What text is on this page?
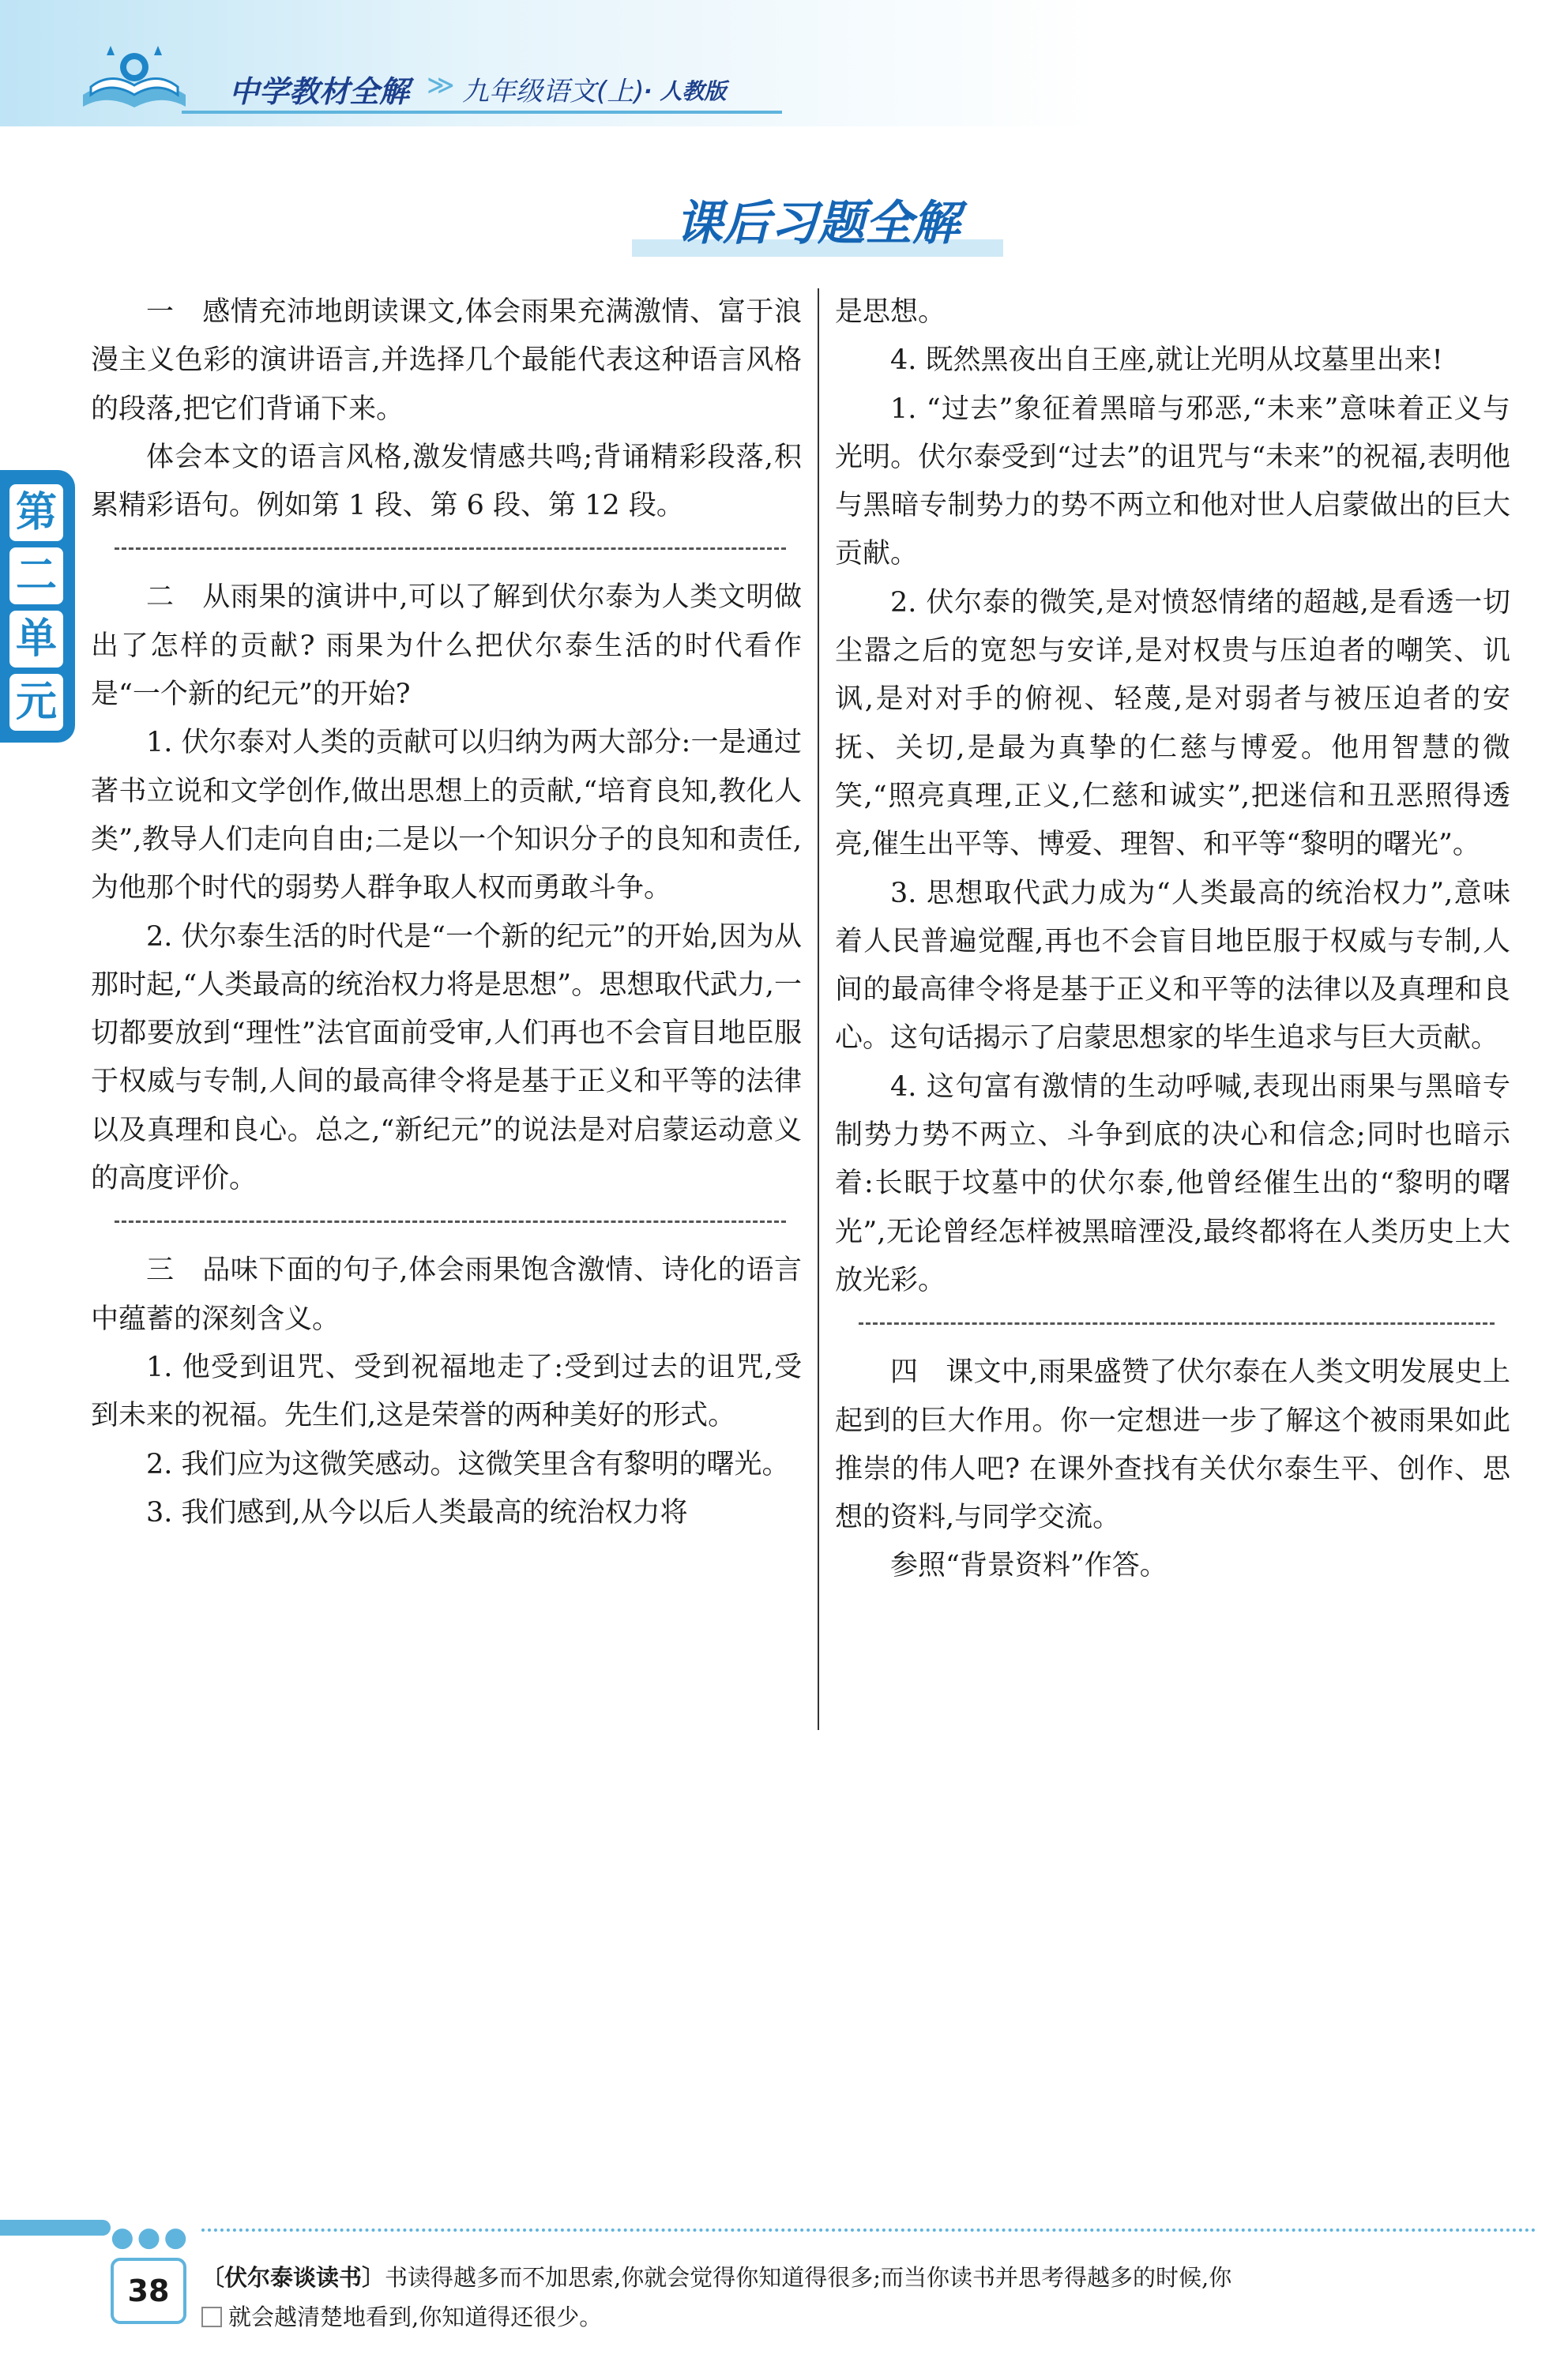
中学教材全解 ≫ 九年级语文(上) · 人教版
第
二
单
元
课后习题全解

一　感情充沛地朗读课文,体会雨果充满激情、富于浪漫主义色彩的演讲语言,并选择几个最能代表这种语言风格的段落,把它们背诵下来。

体会本文的语言风格,激发情感共鸣;背诵精彩段落,积累精彩语句。例如第 1 段、第 6 段、第 12 段。

二　从雨果的演讲中,可以了解到伏尔泰为人类文明做出了怎样的贡献? 雨果为什么把伏尔泰生活的时代看作是“一个新的纪元”的开始?

1. 伏尔泰对人类的贡献可以归纳为两大部分:一是通过著书立说和文学创作,做出思想上的贡献,“培育良知,教化人类”,教导人们走向自由;二是以一个知识分子的良知和责任,为他那个时代的弱势人群争取人权而勇敢斗争。

2. 伏尔泰生活的时代是“一个新的纪元”的开始,因为从那时起,“人类最高的统治权力将是思想”。思想取代武力,一切都要放到“理性”法官面前受审,人们再也不会盲目地臣服于权威与专制,人间的最高律令将是基于正义和平等的法律以及真理和良心。总之,“新纪元”的说法是对启蒙运动意义的高度评价。

三　品味下面的句子,体会雨果饱含激情、诗化的语言中蕴蓄的深刻含义。

1. 他受到诅咒、受到祝福地走了:受到过去的诅咒,受到未来的祝福。先生们,这是荣誉的两种美好的形式。

2. 我们应为这微笑感动。这微笑里含有黎明的曙光。

3. 我们感到,从今以后人类最高的统治权力将

是思想。

4. 既然黑夜出自王座,就让光明从坟墓里出来!

1. “过去”象征着黑暗与邪恶,“未来”意味着正义与光明。伏尔泰受到“过去”的诅咒与“未来”的祝福,表明他与黑暗专制势力的势不两立和他对世人启蒙做出的巨大贡献。

2. 伏尔泰的微笑,是对愤怒情绪的超越,是看透一切尘嚣之后的宽恕与安详,是对权贵与压迫者的嘲笑、讥讽,是对对手的俯视、轻蔑,是对弱者与被压迫者的安抚、关切,是最为真挚的仁慈与博爱。他用智慧的微笑,“照亮真理,正义,仁慈和诚实”,把迷信和丑恶照得透亮,催生出平等、博爱、理智、和平等“黎明的曙光”。

3. 思想取代武力成为“人类最高的统治权力”,意味着人民普遍觉醒,再也不会盲目地臣服于权威与专制,人间的最高律令将是基于正义和平等的法律以及真理和良心。这句话揭示了启蒙思想家的毕生追求与巨大贡献。

4. 这句富有激情的生动呼喊,表现出雨果与黑暗专制势力势不两立、斗争到底的决心和信念;同时也暗示着:长眠于坟墓中的伏尔泰,他曾经催生出的“黎明的曙光”,无论曾经怎样被黑暗湮没,最终都将在人类历史上大放光彩。

四　课文中,雨果盛赞了伏尔泰在人类文明发展史上起到的巨大作用。你一定想进一步了解这个被雨果如此推崇的伟人吧? 在课外查找有关伏尔泰生平、创作、思想的资料,与同学交流。

参照“背景资料”作答。

●●●
38	〔伏尔泰谈读书〕书读得越多而不加思索,你就会觉得你知道得很多;而当你读书并思考得越多的时候,你
就会越清楚地看到,你知道得还很少。
